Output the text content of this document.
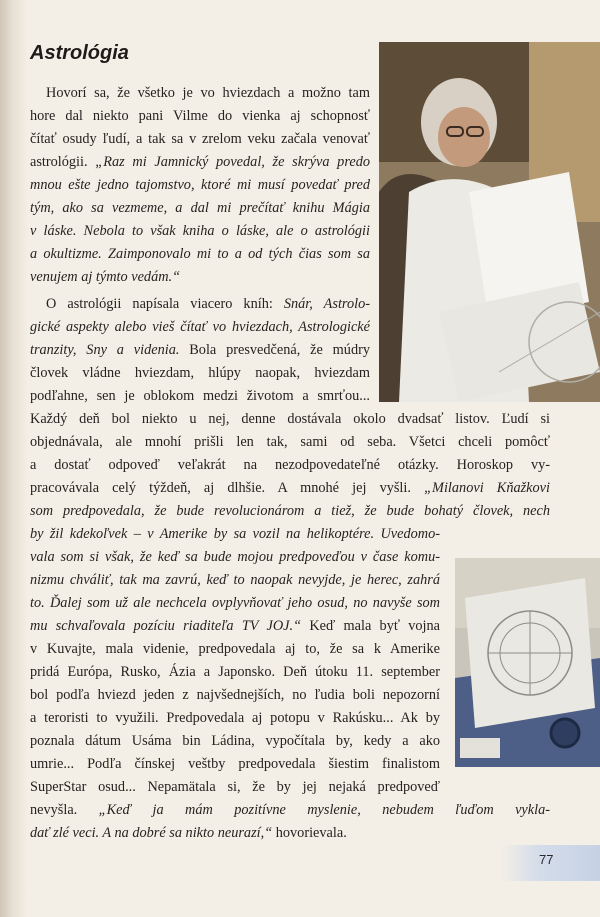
Astrológia
Hovorí sa, že všetko je vo hviezdach a možno tam
hore dal niekto pani Vilme do vienka aj schopnosť
čítať osudy ľudí, a tak sa v zrelom veku začala venovať
astrológii. „Raz mi Jamnický povedal, že skrýva predo
mnou ešte jedno tajomstvo, ktoré mi musí povedať pred
tým, ako sa vezmeme, a dal mi prečítať knihu Mágia
v láske. Nebola to však kniha o láske, ale o astrológii
a okultizme. Zaimponovalo mi to a od tých čias som sa
venujem aj týmto vedám.“
O astrológii napísala viacero kníh: Snár, Astrolo-
gické aspekty alebo vieš čítať vo hviezdach, Astrologické
tranzity, Sny a videnia. Bola presvedčená, že múdry
človek vládne hviezdam, hlúpy naopak, hviezdam
podľahne, sen je oblokom medzi životom a smrťou...
Každý deň bol niekto u nej, denne dostávala okolo dvadsať listov. Ľudí si
objednávala, ale mnohí prišli len tak, sami od seba. Všetci chceli pomôcť
a dostať odpoveď veľakrát na nezodpovedateľné otázky. Horoskop vy-
pracovávala celý týždeň, aj dlhšie. A mnohé jej vyšli. „Milanovi Kňažkovi
som predpovedala, že bude revolucionárom a tiež, že bude bohatý človek, nech
by žil kdekoľvek – v Amerike by sa vozil na helikoptére. Uvedomo-
vala som si však, že keď sa bude mojou predpoveďou v čase komu-
nizmu chváliť, tak ma zavrú, keď to naopak nevyjde, je herec, zahrá
to. Ďalej som už ale nechcela ovplyvňovať jeho osud, no navyše som
mu schvaľovala pozíciu riaditeľa TV JOJ.“ Keď mala byť vojna
v Kuvajte, mala videnie, predpovedala aj to, že sa k Amerike
pridá Európa, Rusko, Ázia a Japonsko. Deň útoku 11. september
bol podľa hviezd jeden z najvšednejších, no ľudia boli nepozorní
a teroristi to využili. Predpovedala aj potopu v Rakúsku... Ak by
poznala dátum Usáma bin Ládina, vypočítala by, kedy a ako
umrie... Podľa čínskej veštby predpovedala šiestim finalistom
SuperStar osud... Nepamätala si, že by jej nejaká predpoveď
nevyšla. „Keď ja mám pozitívne myslenie, nebudem ľuďom vykla-
dať zlé veci. A na dobré sa nikto neurazí,“ hovorievala.
77
